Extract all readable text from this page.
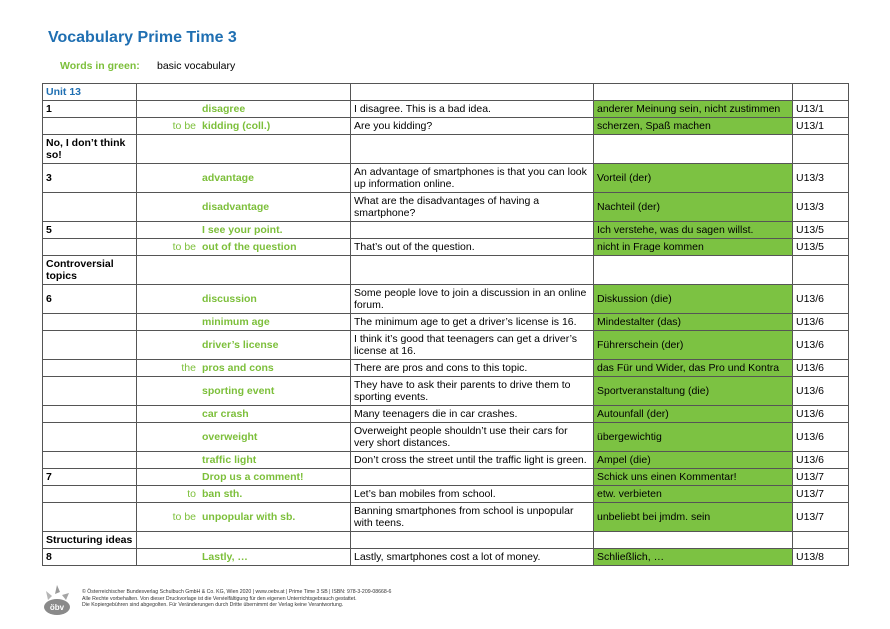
Vocabulary Prime Time 3
Words in green: basic vocabulary
Unit 13				
1	disagree	I disagree. This is a bad idea.	anderer Meinung sein, nicht zustimmen	U13/1
	to be kidding (coll.)	Are you kidding?	scherzen, Spaß machen	U13/1
No, I don’t think so!				
3	advantage	An advantage of smartphones is that you can look up information online.	Vorteil (der)	U13/3
	disadvantage	What are the disadvantages of having a smartphone?	Nachteil (der)	U13/3
5	I see your point.		Ich verstehe, was du sagen willst.	U13/5
	to be out of the question	That’s out of the question.	nicht in Frage kommen	U13/5
Controversial topics				
6	discussion	Some people love to join a discussion in an online forum.	Diskussion (die)	U13/6
	minimum age	The minimum age to get a driver’s license is 16.	Mindestalter (das)	U13/6
	driver’s license	I think it’s good that teenagers can get a driver’s license at 16.	Führerschein (der)	U13/6
	the pros and cons	There are pros and cons to this topic.	das Für und Wider, das Pro und Kontra	U13/6
	sporting event	They have to ask their parents to drive them to sporting events.	Sportveranstaltung (die)	U13/6
	car crash	Many teenagers die in car crashes.	Autounfall (der)	U13/6
	overweight	Overweight people shouldn’t use their cars for very short distances.	übergewichtig	U13/6
	traffic light	Don’t cross the street until the traffic light is green.	Ampel (die)	U13/6
7	Drop us a comment!		Schick uns einen Kommentar!	U13/7
	to ban sth.	Let’s ban mobiles from school.	etw. verbieten	U13/7
	to be unpopular with sb.	Banning smartphones from school is unpopular with teens.	unbeliebt bei jmdm. sein	U13/7
Structuring ideas				
8	Lastly, …	Lastly, smartphones cost a lot of money.	Schließlich, …	U13/8
öbv
© Österreichischer Bundesverlag Schulbuch GmbH & Co. KG, Wien 2020 | www.oebv.at | Prime Time 3 SB | ISBN: 978-3-209-08668-6
Alle Rechte vorbehalten. Von dieser Druckvorlage ist die Vervielfältigung für den eigenen Unterrichtsgebrauch gestattet.
Die Kopiergebühren sind abgegolten. Für Veränderungen durch Dritte übernimmt der Verlag keine Verantwortung.
